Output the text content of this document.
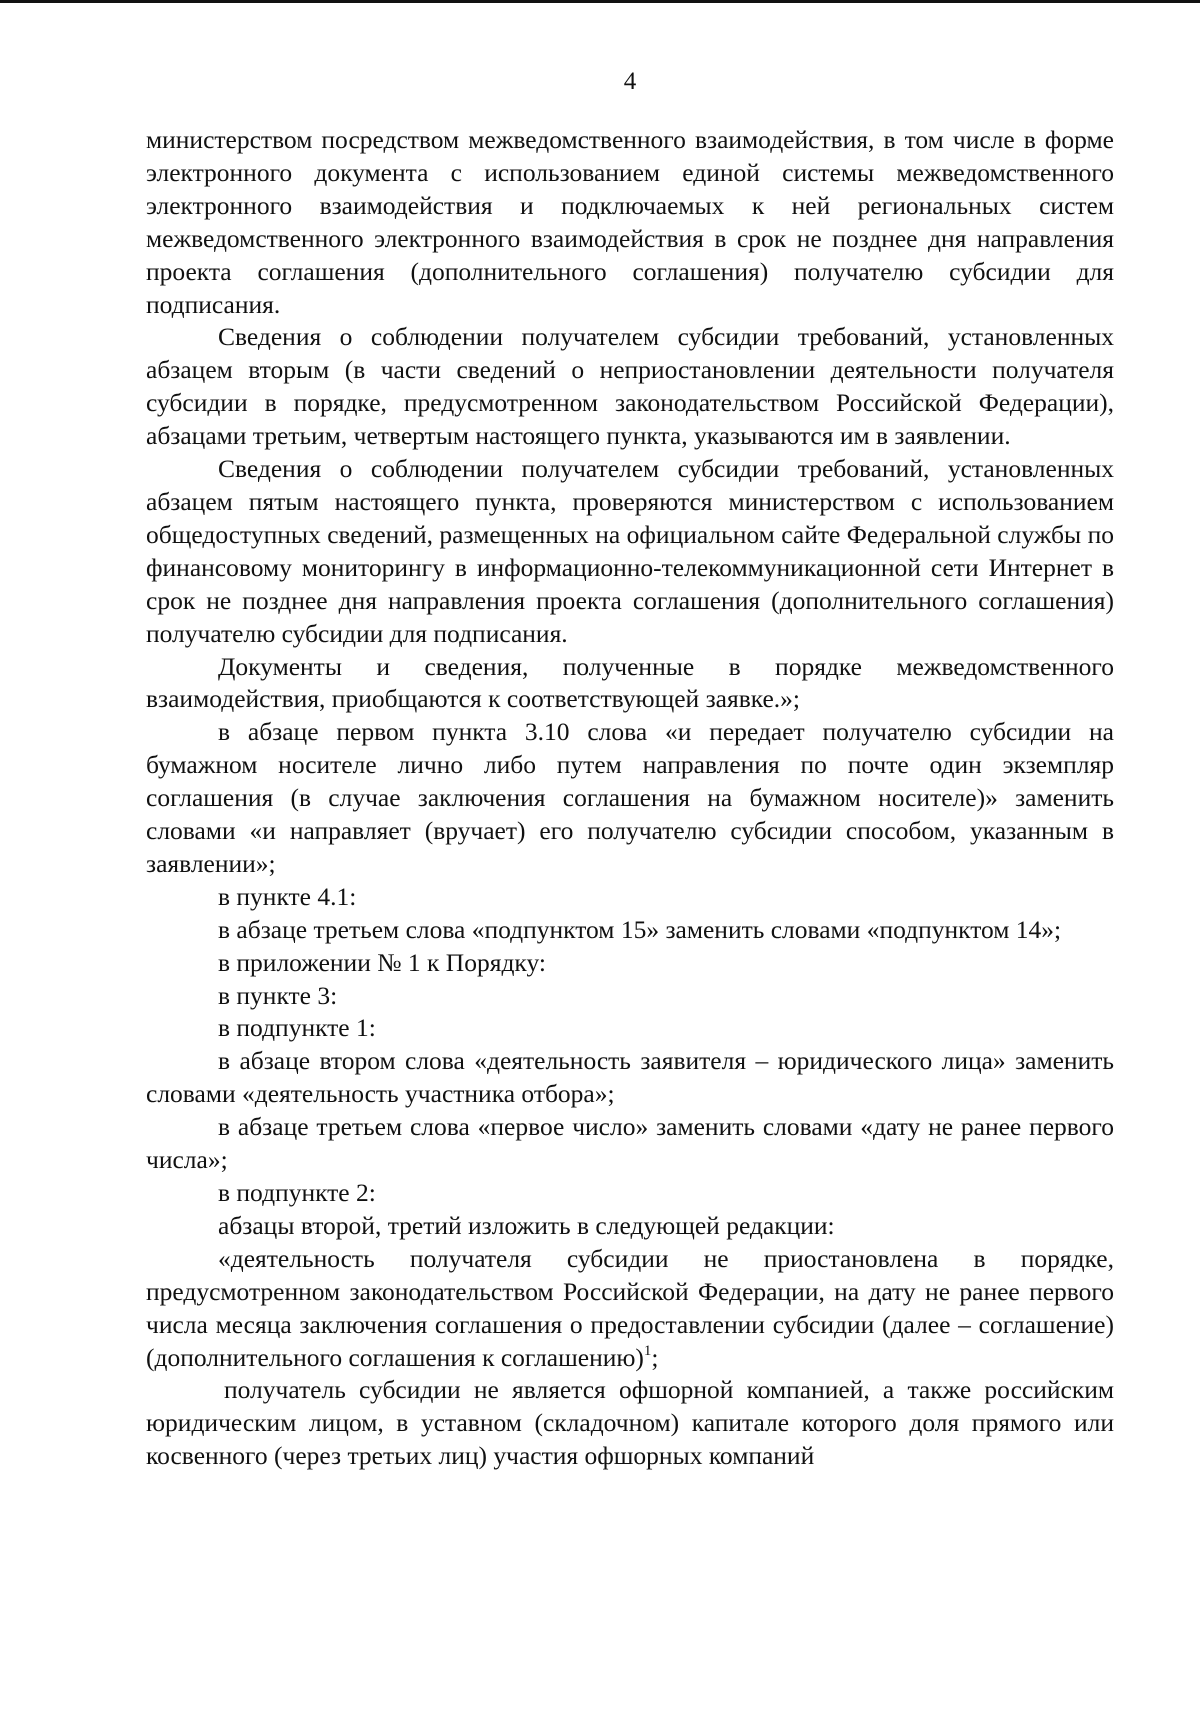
4

министерством посредством межведомственного взаимодействия, в том числе в форме электронного документа с использованием единой системы межведомственного электронного взаимодействия и подключаемых к ней региональных систем межведомственного электронного взаимодействия в срок не позднее дня направления проекта соглашения (дополнительного соглашения) получателю субсидии для подписания.

Сведения о соблюдении получателем субсидии требований, установленных абзацем вторым (в части сведений о неприостановлении деятельности получателя субсидии в порядке, предусмотренном законодательством Российской Федерации), абзацами третьим, четвертым настоящего пункта, указываются им в заявлении.

Сведения о соблюдении получателем субсидии требований, установленных абзацем пятым настоящего пункта, проверяются министерством с использованием общедоступных сведений, размещенных на официальном сайте Федеральной службы по финансовому мониторингу в информационно-телекоммуникационной сети Интернет в срок не позднее дня направления проекта соглашения (дополнительного соглашения) получателю субсидии для подписания.

Документы и сведения, полученные в порядке межведомственного взаимодействия, приобщаются к соответствующей заявке.»;

в абзаце первом пункта 3.10 слова «и передает получателю субсидии на бумажном носителе лично либо путем направления по почте один экземпляр соглашения (в случае заключения соглашения на бумажном носителе)» заменить словами «и направляет (вручает) его получателю субсидии способом, указанным в заявлении»;

в пункте 4.1:

в абзаце третьем слова «подпунктом 15» заменить словами «подпунктом 14»;

в приложении № 1 к Порядку:

в пункте 3:

в подпункте 1:

в абзаце втором слова «деятельность заявителя – юридического лица» заменить словами «деятельность участника отбора»;

в абзаце третьем слова «первое число» заменить словами «дату не ранее первого числа»;

в подпункте 2:

абзацы второй, третий изложить в следующей редакции:

«деятельность получателя субсидии не приостановлена в порядке, предусмотренном законодательством Российской Федерации, на дату не ранее первого числа месяца заключения соглашения о предоставлении субсидии (далее – соглашение) (дополнительного соглашения к соглашению)$^1$;

получатель субсидии не является офшорной компанией, а также российским юридическим лицом, в уставном (складочном) капитале которого доля прямого или косвенного (через третьих лиц) участия офшорных компаний
